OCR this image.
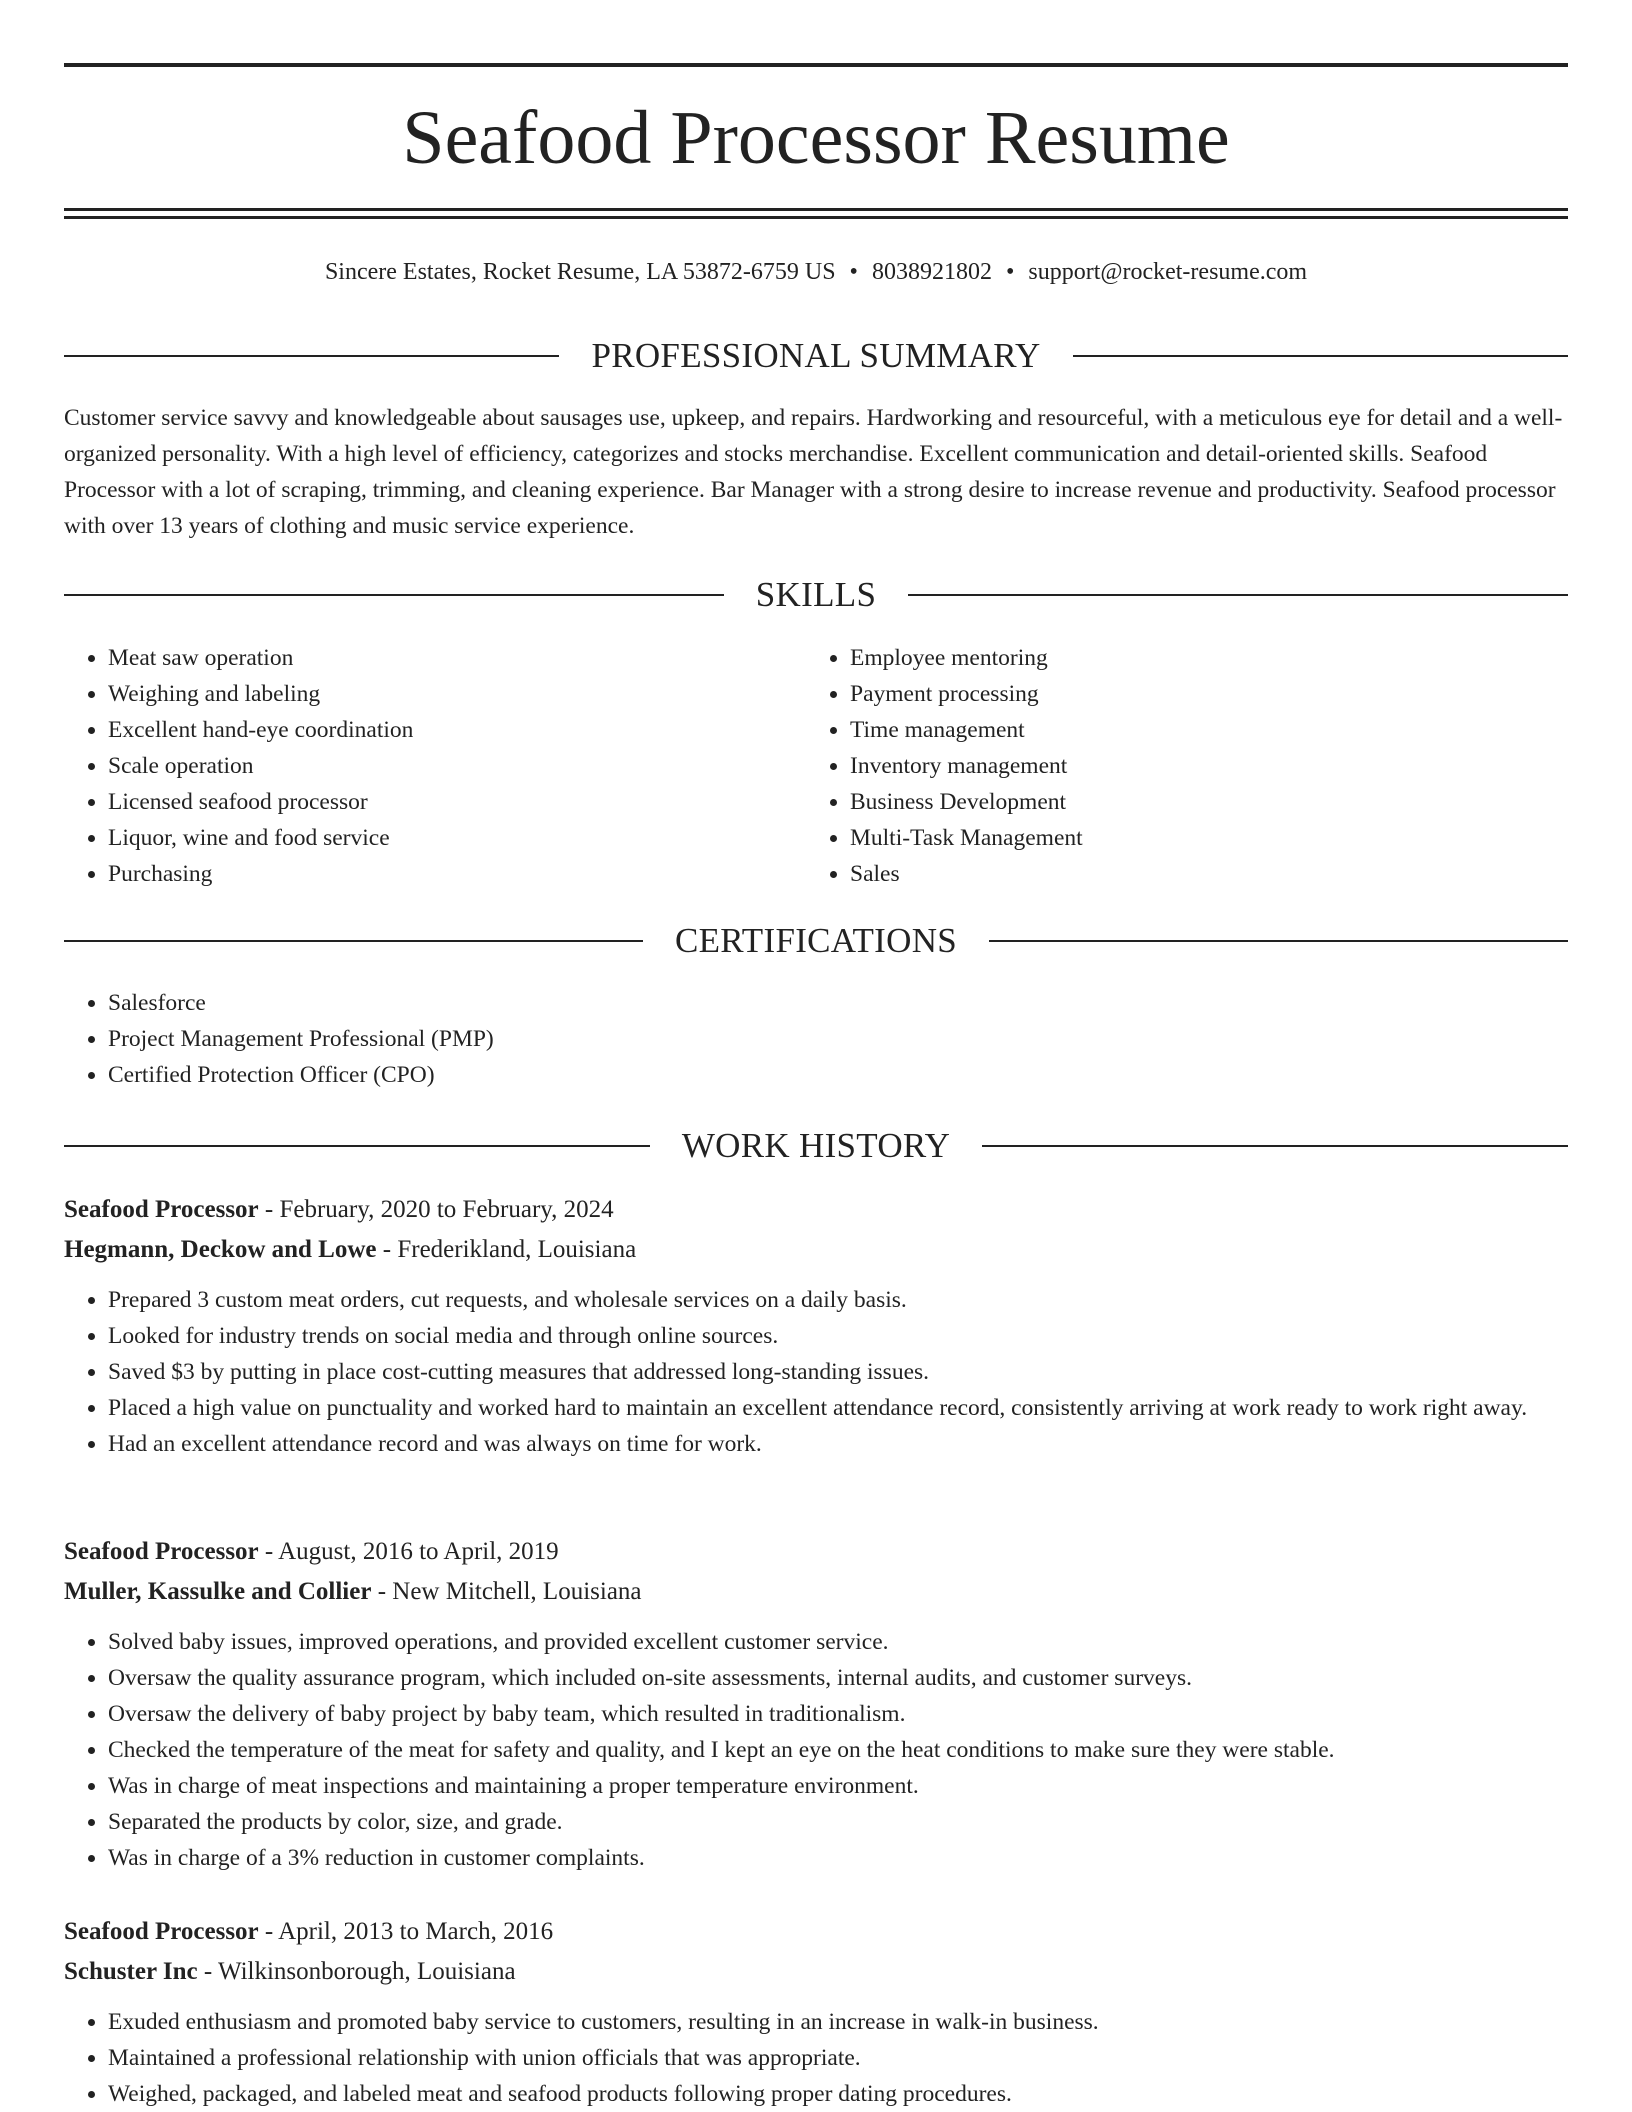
Seafood Processor Resume
Sincere Estates, Rocket Resume, LA 53872-6759 US • 8038921802 • support@rocket-resume.com
PROFESSIONAL SUMMARY

Customer service savvy and knowledgeable about sausages use, upkeep, and repairs. Hardworking and resourceful, with a meticulous eye for detail and a well-organized personality. With a high level of efficiency, categorizes and stocks merchandise. Excellent communication and detail-oriented skills. Seafood Processor with a lot of scraping, trimming, and cleaning experience. Bar Manager with a strong desire to increase revenue and productivity. Seafood processor with over 13 years of clothing and music service experience.

SKILLS
• Meat saw operation
• Weighing and labeling
• Excellent hand-eye coordination
• Scale operation
• Licensed seafood processor
• Liquor, wine and food service
• Purchasing
• Employee mentoring
• Payment processing
• Time management
• Inventory management
• Business Development
• Multi-Task Management
• Sales
CERTIFICATIONS
• Salesforce
• Project Management Professional (PMP)
• Certified Protection Officer (CPO)
WORK HISTORY
Seafood Processor - February, 2020 to February, 2024
Hegmann, Deckow and Lowe - Frederikland, Louisiana
• Prepared 3 custom meat orders, cut requests, and wholesale services on a daily basis.
• Looked for industry trends on social media and through online sources.
• Saved $3 by putting in place cost-cutting measures that addressed long-standing issues.
• Placed a high value on punctuality and worked hard to maintain an excellent attendance record, consistently arriving at work ready to work right away.
• Had an excellent attendance record and was always on time for work.
Seafood Processor - August, 2016 to April, 2019
Muller, Kassulke and Collier - New Mitchell, Louisiana
• Solved baby issues, improved operations, and provided excellent customer service.
• Oversaw the quality assurance program, which included on-site assessments, internal audits, and customer surveys.
• Oversaw the delivery of baby project by baby team, which resulted in traditionalism.
• Checked the temperature of the meat for safety and quality, and I kept an eye on the heat conditions to make sure they were stable.
• Was in charge of meat inspections and maintaining a proper temperature environment.
• Separated the products by color, size, and grade.
• Was in charge of a 3% reduction in customer complaints.
Seafood Processor - April, 2013 to March, 2016
Schuster Inc - Wilkinsonborough, Louisiana
• Exuded enthusiasm and promoted baby service to customers, resulting in an increase in walk-in business.
• Maintained a professional relationship with union officials that was appropriate.
• Weighed, packaged, and labeled meat and seafood products following proper dating procedures.
